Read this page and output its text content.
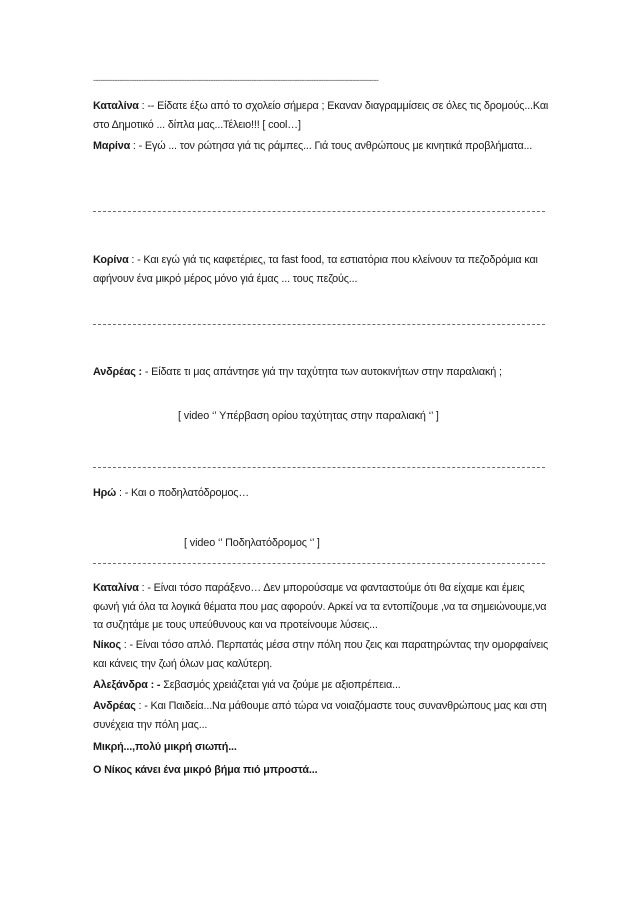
-----------------------------------------------------------------------------------------------------------------------

Καταλίνα : -- Είδατε έξω από το σχολείο σήμερα ; Εκαναν διαγραμμίσεις σε όλες τις δρομούς...Και στο Δημοτικό ... δίπλα μας...Τέλειο!!! [ cool…]

Μαρίνα : - Εγώ ... τον ρώτησα γιά τις ράμπες... Γιά τους ανθρώπους με κινητικά προβλήματα...

Κορίνα : - Και εγώ γιά τις καφετέριες, τα fast food, τα εστιατόρια που κλείνουν τα πεζοδρόμια και αφήνουν ένα μικρό μέρος μόνο γιά έμας ... τους πεζούς...

Ανδρέας : - Είδατε τι μας απάντησε γιά την ταχύτητα των αυτοκινήτων στην παραλιακή ;

[ video ‘’ Υπέρβαση ορίου ταχύτητας στην παραλιακή ‘’ ]

Ηρώ : - Και ο ποδηλατόδρομος…

[ video ‘’ Ποδηλατόδρομος ‘’ ]

Καταλίνα : - Είναι τόσο παράξενο… Δεν μπορούσαμε να φανταστούμε ότι θα είχαμε και έμεις φωνή γιά όλα τα λογικά θέματα που μας αφορούν. Αρκεί να τα εντοπίζουμε ,να τα σημειώνουμε,να τα συζητάμε με τους υπεύθυνους και να προτείνουμε λύσεις...

Νίκος : - Είναι τόσο απλό. Περπατάς μέσα στην πόλη που ζεις και παρατηρώντας την ομορφαίνεις και κάνεις την ζωή όλων μας καλύτερη.

Αλεξάνδρα : - Σεβασμός χρειάζεται γιά να ζούμε με αξιοπρέπεια...

Ανδρέας : - Και Παιδεία...Να μάθουμε από τώρα να νοιαζόμαστε τους συνανθρώπους μας και στη συνέχεια την πόλη μας...

Μικρή...,πολύ μικρή σιωπή...

Ο Νίκος κάνει ένα μικρό βήμα πιό μπροστά...
